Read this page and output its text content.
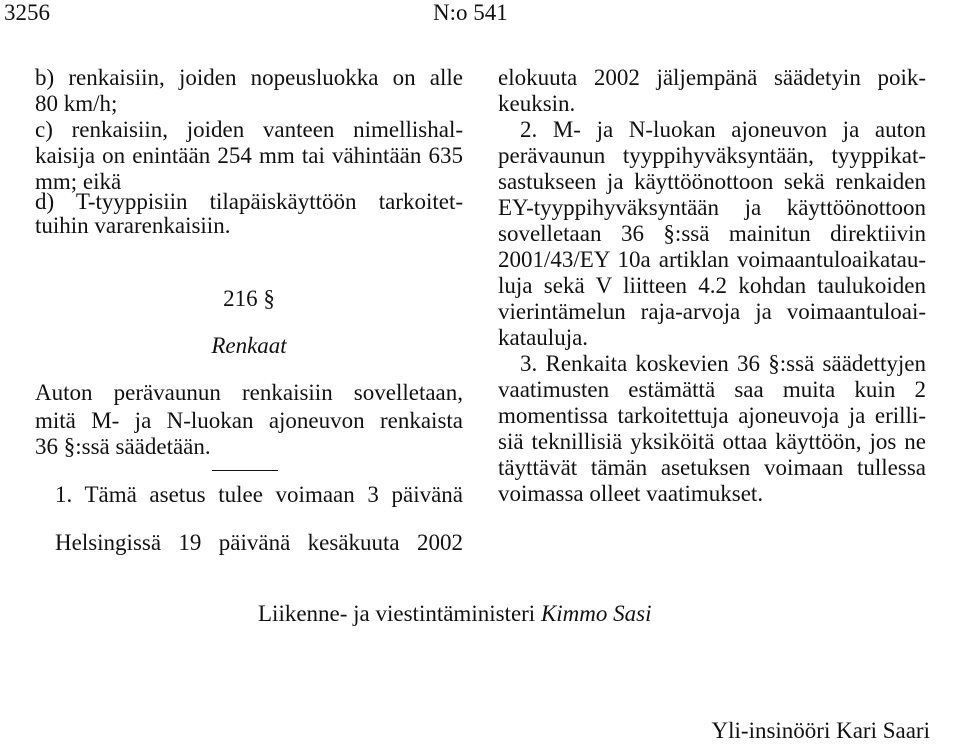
3256	N:o 541
b) renkaisiin, joiden nopeusluokka on alle
80 km/h;
c) renkaisiin, joiden vanteen nimellishal-
kaisija on enintään 254 mm tai vähintään 635
mm; eikä
d) T-tyyppisiin tilapäiskäyttöön tarkoitet-
tuihin vararenkaisiin.
216 §
Renkaat
Auton perävaunun renkaisiin sovelletaan,
mitä M- ja N-luokan ajoneuvon renkaista
36 §:ssä säädetään.
1. Tämä asetus tulee voimaan 3 päivänä
elokuuta 2002 jäljempänä säädetyin poik-
keuksin.
2. M- ja N-luokan ajoneuvon ja auton
perävaunun tyyppihyväksyntään, tyyppikat-
sastukseen ja käyttöönottoon sekä renkaiden
EY-tyyppihyväksyntään ja käyttöönottoon
sovelletaan 36 §:ssä mainitun direktiivin
2001/43/EY 10a artiklan voimaantuloaikatau-
luja sekä V liitteen 4.2 kohdan taulukoiden
vierintämelun raja-arvoja ja voimaantuloai-
katauluja.
3. Renkaita koskevien 36 §:ssä säädettyjen
vaatimusten estämättä saa muita kuin 2
momentissa tarkoitettuja ajoneuvoja ja erilli-
siä teknillisiä yksiköitä ottaa käyttöön, jos ne
täyttävät tämän asetuksen voimaan tullessa
voimassa olleet vaatimukset.
Helsingissä 19 päivänä kesäkuuta 2002
Liikenne- ja viestintäministeri Kimmo Sasi
Yli-insinööri Kari Saari
